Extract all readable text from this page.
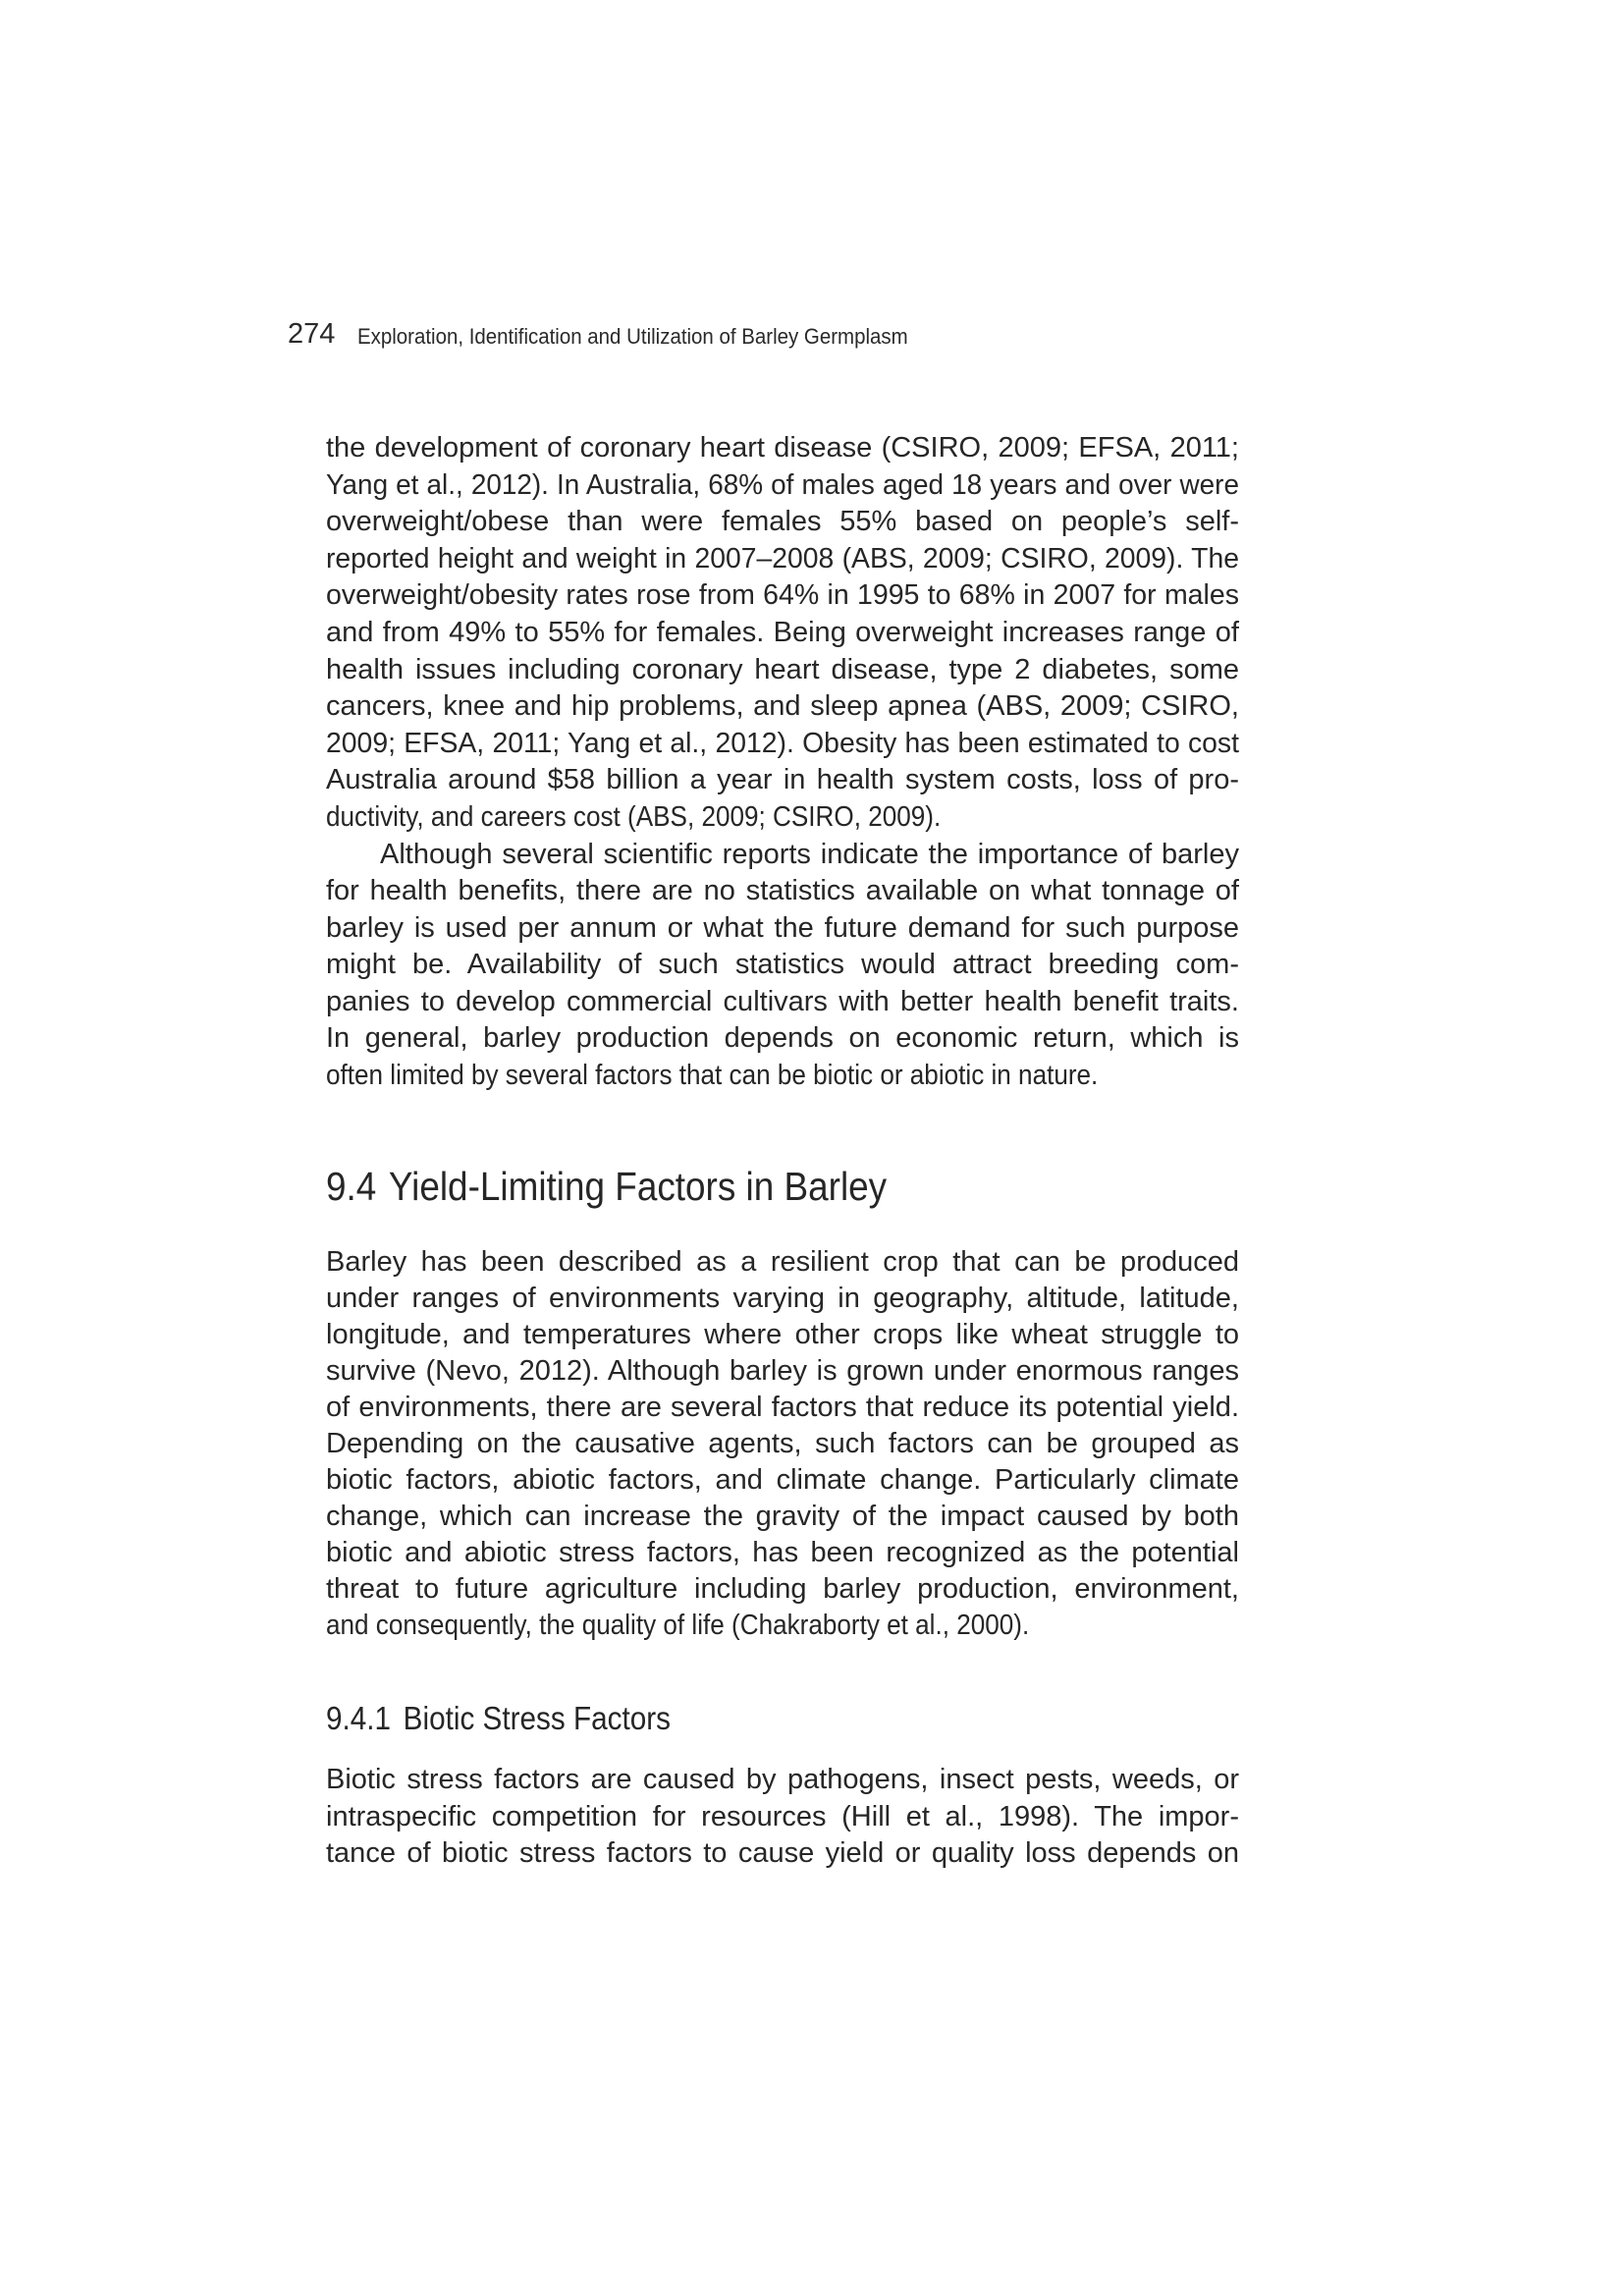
274 Exploration, Identification and Utilization of Barley Germplasm
the development of coronary heart disease (CSIRO, 2009; EFSA, 2011;
Yang et al., 2012). In Australia, 68% of males aged 18 years and over were
overweight/obese than were females 55% based on people’s self-
reported height and weight in 2007–2008 (ABS, 2009; CSIRO, 2009). The
overweight/obesity rates rose from 64% in 1995 to 68% in 2007 for males
and from 49% to 55% for females. Being overweight increases range of
health issues including coronary heart disease, type 2 diabetes, some
cancers, knee and hip problems, and sleep apnea (ABS, 2009; CSIRO,
2009; EFSA, 2011; Yang et al., 2012). Obesity has been estimated to cost
Australia around $58 billion a year in health system costs, loss of pro-
ductivity, and careers cost (ABS, 2009; CSIRO, 2009).
Although several scientific reports indicate the importance of barley
for health benefits, there are no statistics available on what tonnage of
barley is used per annum or what the future demand for such purpose
might be. Availability of such statistics would attract breeding com-
panies to develop commercial cultivars with better health benefit traits.
In general, barley production depends on economic return, which is
often limited by several factors that can be biotic or abiotic in nature.
9.4 Yield-Limiting Factors in Barley
Barley has been described as a resilient crop that can be produced
under ranges of environments varying in geography, altitude, latitude,
longitude, and temperatures where other crops like wheat struggle to
survive (Nevo, 2012). Although barley is grown under enormous ranges
of environments, there are several factors that reduce its potential yield.
Depending on the causative agents, such factors can be grouped as
biotic factors, abiotic factors, and climate change. Particularly climate
change, which can increase the gravity of the impact caused by both
biotic and abiotic stress factors, has been recognized as the potential
threat to future agriculture including barley production, environment,
and consequently, the quality of life (Chakraborty et al., 2000).
9.4.1 Biotic Stress Factors
Biotic stress factors are caused by pathogens, insect pests, weeds, or
intraspecific competition for resources (Hill et al., 1998). The impor-
tance of biotic stress factors to cause yield or quality loss depends on
